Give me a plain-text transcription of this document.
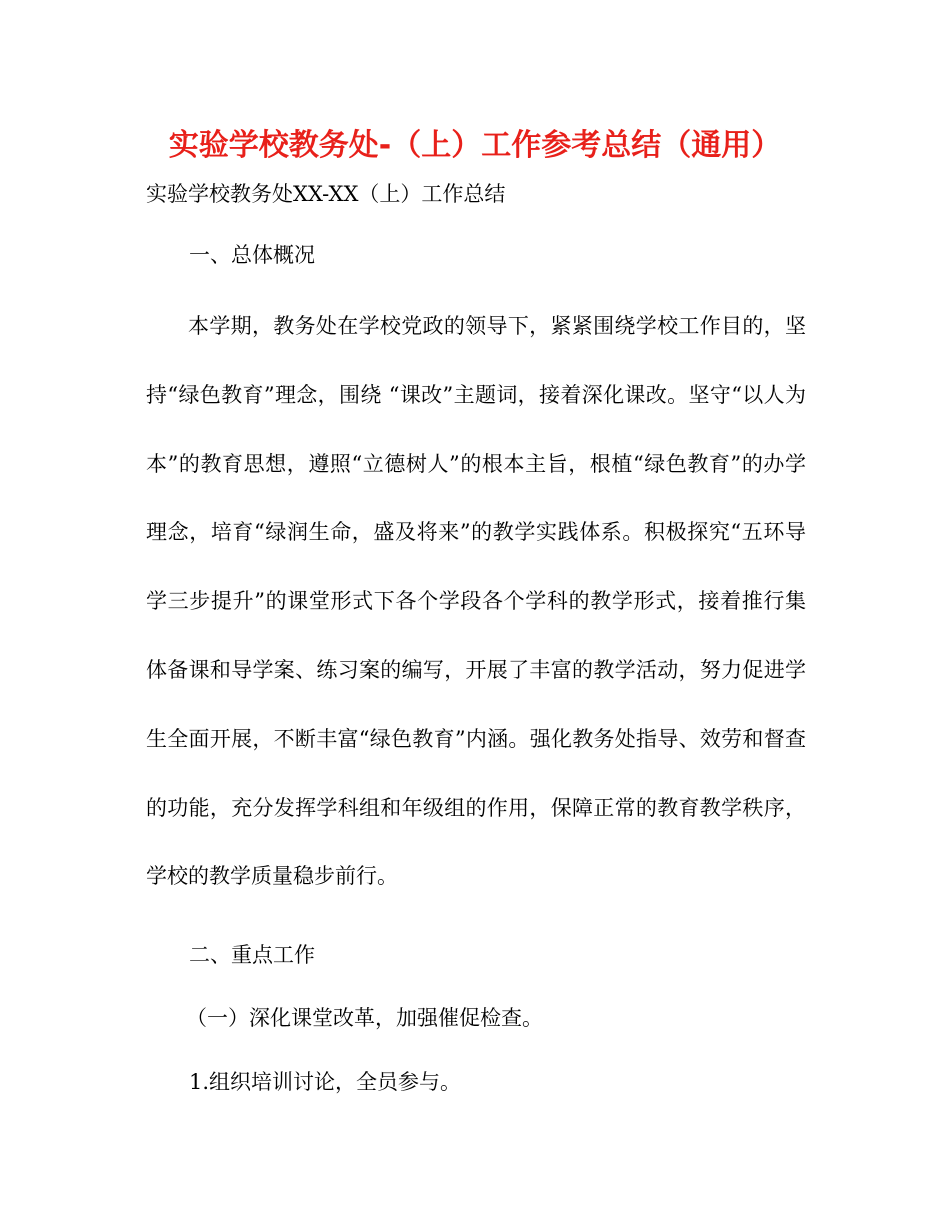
实验学校教务处-（上）工作参考总结（通用）
实验学校教务处XX-XX（上）工作总结
一、总体概况

本学期，教务处在学校党政的领导下，紧紧围绕学校工作目的，坚持“绿色教育”理念，围绕 “课改”主题词，接着深化课改。坚守“以人为本”的教育思想，遵照“立德树人”的根本主旨，根植“绿色教育”的办学理念，培育“绿润生命，盛及将来”的教学实践体系。积极探究“五环导学三步提升”的课堂形式下各个学段各个学科的教学形式，接着推行集体备课和导学案、练习案的编写，开展了丰富的教学活动，努力促进学生全面开展，不断丰富“绿色教育”内涵。强化教务处指导、效劳和督查的功能，充分发挥学科组和年级组的作用，保障正常的教育教学秩序，学校的教学质量稳步前行。

二、重点工作
（一）深化课堂改革，加强催促检查。
1.组织培训讨论，全员参与。
